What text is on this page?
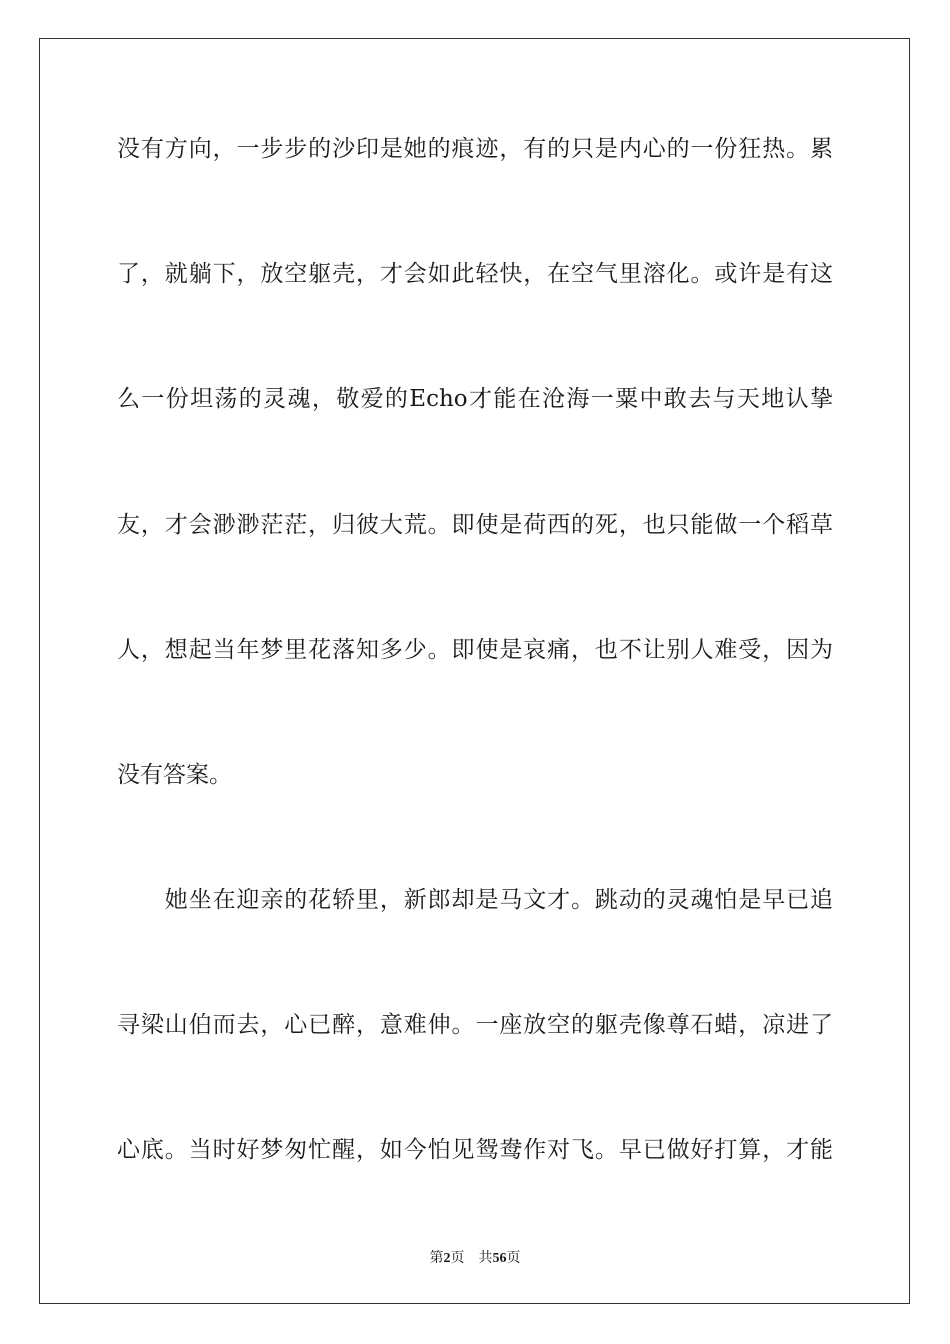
没有方向，一步步的沙印是她的痕迹，有的只是内心的一份狂热。累
了，就躺下，放空躯壳，才会如此轻快，在空气里溶化。或许是有这
么一份坦荡的灵魂，敬爱的Echo才能在沧海一粟中敢去与天地认挚
友，才会渺渺茫茫，归彼大荒。即使是荷西的死，也只能做一个稻草
人，想起当年梦里花落知多少。即使是哀痛，也不让别人难受，因为
没有答案。
　　她坐在迎亲的花轿里，新郎却是马文才。跳动的灵魂怕是早已追
寻梁山伯而去，心已醉，意难伸。一座放空的躯壳像尊石蜡，凉进了
心底。当时好梦匆忙醒，如今怕见鸳鸯作对飞。早已做好打算，才能
第2页 共56页
